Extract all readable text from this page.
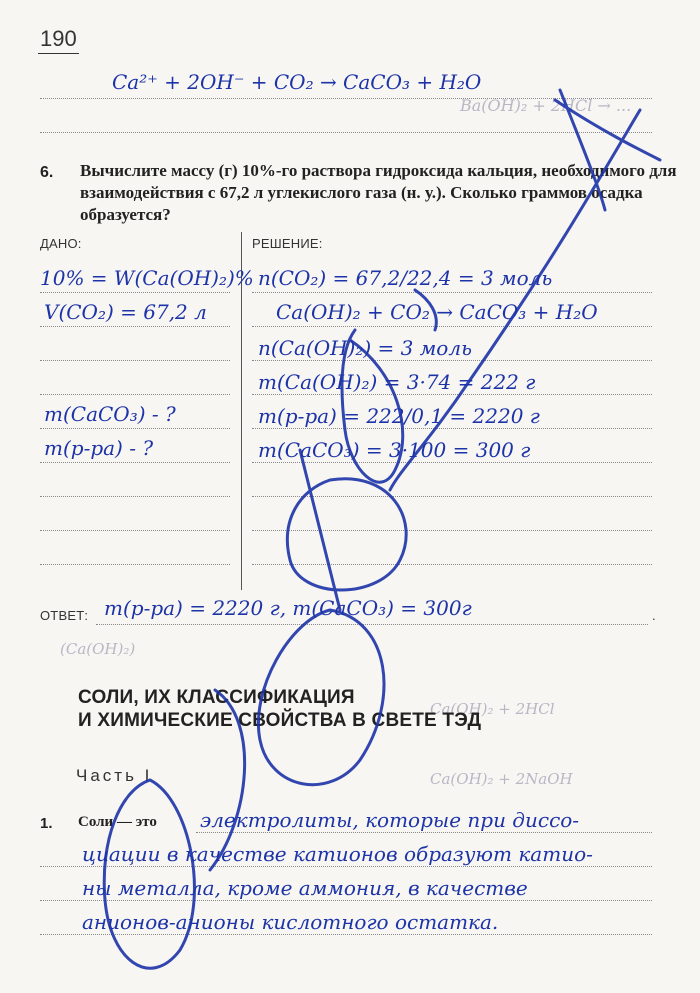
190
Ba(OH)₂ + 2HCl → ...
(Ca(OH)₂)
Ca(OH)₂ + 2HCl
Ca(OH)₂ + 2NaOH
Ca²⁺ + 2OH⁻ + CO₂ → CaCO₃ + H₂O
6. Вычислите массу (г) 10%-го раствора гидроксида кальция, необходимого для взаимодействия с 67,2 л углекислого газа (н. у.). Сколько граммов осадка образуется?
ДАНО:	РЕШЕНИЕ:
10% = W(Ca(OH)₂)%
V(CO₂) = 67,2 л
m(CaCO₃) - ?
m(р-ра) - ?
n(CO₂) = 67,2/22,4 = 3 моль
Ca(OH)₂ + CO₂ → CaCO₃ + H₂O
n(Ca(OH)₂) = 3 моль
m(Ca(OH)₂) = 3·74 = 222 г
m(р-ра) = 222/0,1 = 2220 г
m(CaCO₃) = 3·100 = 300 г
ОТВЕТ: m(р-ра) = 2220 г, m(CaCO₃) = 300г	.
СОЛИ, ИХ КЛАССИФИКАЦИЯ
И ХИМИЧЕСКИЕ СВОЙСТВА В СВЕТЕ ТЭД
Часть I
1. Соли — это электролиты, которые при диссо-
циации в качестве катионов образуют катио-
ны металла, кроме аммония, в качестве
анионов-анионы кислотного остатка.
